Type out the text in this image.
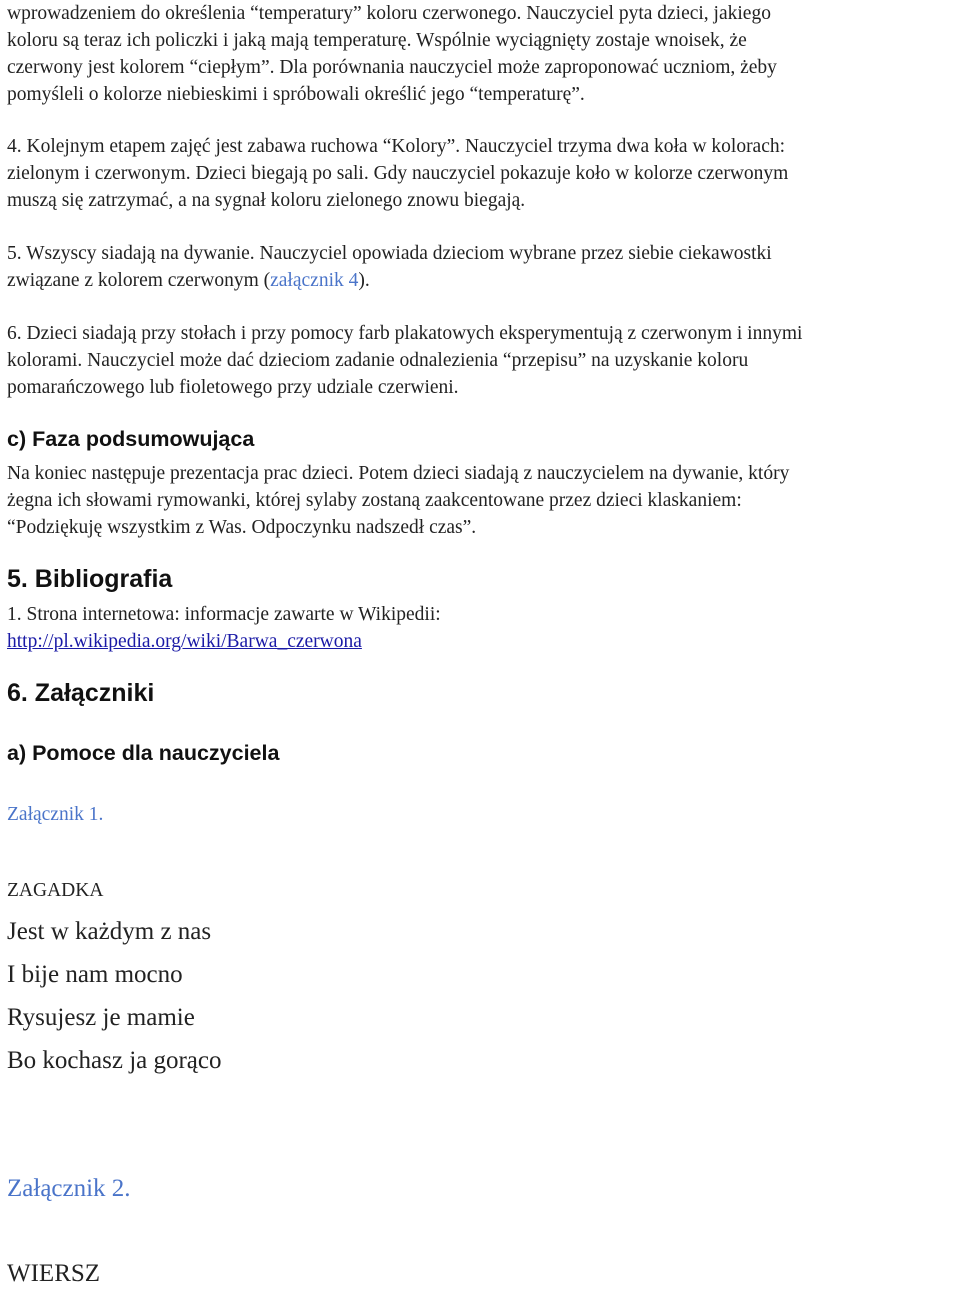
wprowadzeniem do określenia “temperatury” koloru czerwonego. Nauczyciel pyta dzieci, jakiego

koloru są teraz ich policzki i jaką mają temperaturę. Wspólnie wyciągnięty zostaje wnoisek, że

czerwony jest kolorem “ciepłym”. Dla porównania nauczyciel może zaproponować uczniom, żeby

pomyśleli o kolorze niebieskimi i spróbowali określić jego “temperaturę”.

4. Kolejnym etapem zajęć jest zabawa ruchowa “Kolory”. Nauczyciel trzyma dwa koła w kolorach:

zielonym i czerwonym. Dzieci biegają po sali. Gdy nauczyciel pokazuje koło w kolorze czerwonym

muszą się zatrzymać, a na sygnał koloru zielonego znowu biegają.

5. Wszyscy siadają na dywanie. Nauczyciel opowiada dzieciom wybrane przez siebie ciekawostki

związane z kolorem czerwonym (załącznik 4).

6. Dzieci siadają przy stołach i przy pomocy farb plakatowych eksperymentują z czerwonym i innymi

kolorami. Nauczyciel może dać dzieciom zadanie odnalezienia “przepisu” na uzyskanie koloru

pomarańczowego lub fioletowego przy udziale czerwieni.

c) Faza podsumowująca

Na koniec następuje prezentacja prac dzieci. Potem dzieci siadają z nauczycielem na dywanie, który

żegna ich słowami rymowanki, której sylaby zostaną zaakcentowane przez dzieci klaskaniem:

“Podziękuję wszystkim z Was. Odpoczynku nadszedł czas”.

5. Bibliografia

1. Strona internetowa: informacje zawarte w Wikipedii:

http://pl.wikipedia.org/wiki/Barwa_czerwona

6. Załączniki
a) Pomoce dla nauczyciela

Załącznik 1.

ZAGADKA

Jest w każdym z nas

I bije nam mocno

Rysujesz je mamie

Bo kochasz ja gorąco

Załącznik 2.

WIERSZ
